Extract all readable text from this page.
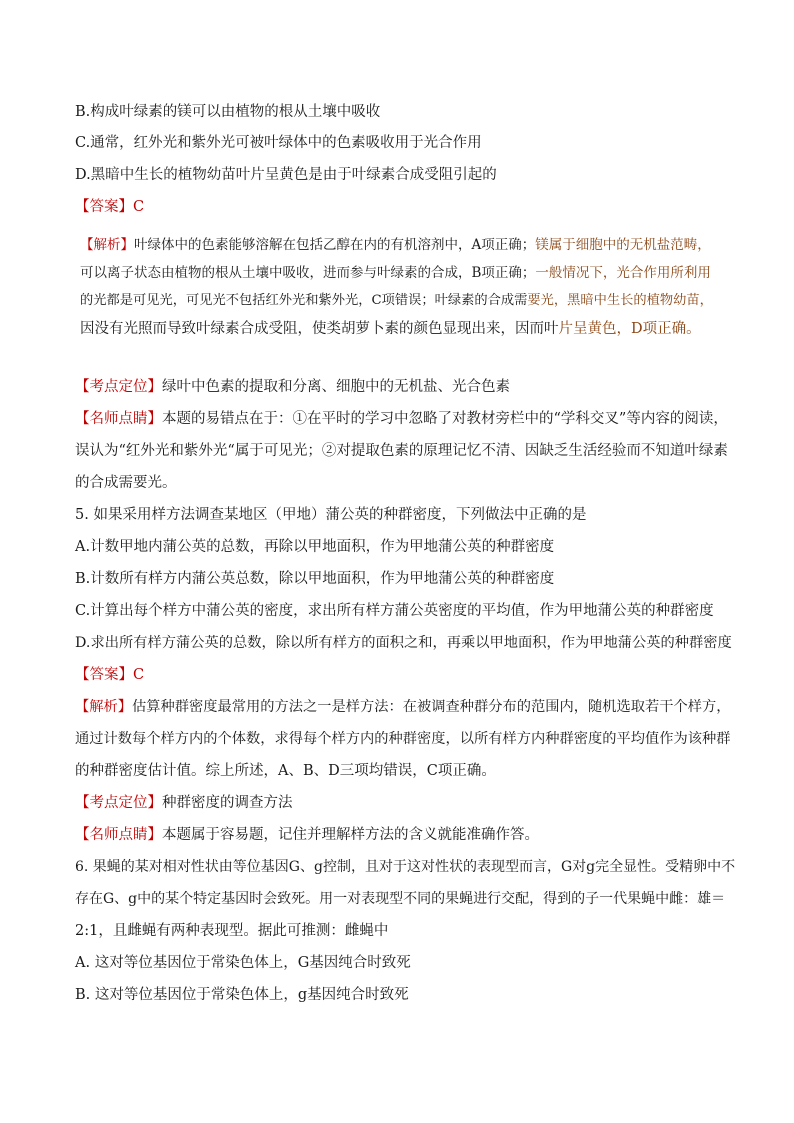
B.构成叶绿素的镁可以由植物的根从土壤中吸收
C.通常，红外光和紫外光可被叶绿体中的色素吸收用于光合作用
D.黑暗中生长的植物幼苗叶片呈黄色是由于叶绿素合成受阻引起的
【答案】C
【解析】叶绿体中的色素能够溶解在包括乙醇在内的有机溶剂中，A项正确；镁属于细胞中的无机盐范畴，
可以离子状态由植物的根从土壤中吸收，进而参与叶绿素的合成，B项正确；一般情况下，光合作用所利用
的光都是可见光，可见光不包括红外光和紫外光，C项错误；叶绿素的合成需要光，黑暗中生长的植物幼苗，
因没有光照而导致叶绿素合成受阻，使类胡萝卜素的颜色显现出来，因而叶片呈黄色，D项正确。
【考点定位】绿叶中色素的提取和分离、细胞中的无机盐、光合色素
【名师点睛】本题的易错点在于：①在平时的学习中忽略了对教材旁栏中的“学科交叉”等内容的阅读，
误认为“红外光和紫外光“属于可见光；②对提取色素的原理记忆不清、因缺乏生活经验而不知道叶绿素
的合成需要光。
5. 如果采用样方法调查某地区（甲地）蒲公英的种群密度，下列做法中正确的是
A.计数甲地内蒲公英的总数，再除以甲地面积，作为甲地蒲公英的种群密度
B.计数所有样方内蒲公英总数，除以甲地面积，作为甲地蒲公英的种群密度
C.计算出每个样方中蒲公英的密度，求出所有样方蒲公英密度的平均值，作为甲地蒲公英的种群密度
D.求出所有样方蒲公英的总数，除以所有样方的面积之和，再乘以甲地面积，作为甲地蒲公英的种群密度
【答案】C
【解析】估算种群密度最常用的方法之一是样方法：在被调查种群分布的范围内，随机选取若干个样方，
通过计数每个样方内的个体数，求得每个样方内的种群密度，以所有样方内种群密度的平均值作为该种群
的种群密度估计值。综上所述，A、B、D三项均错误，C项正确。
【考点定位】种群密度的调查方法
【名师点睛】本题属于容易题，记住并理解样方法的含义就能准确作答。
6. 果蝇的某对相对性状由等位基因G、g控制，且对于这对性状的表现型而言，G对g完全显性。受精卵中不
存在G、g中的某个特定基因时会致死。用一对表现型不同的果蝇进行交配，得到的子一代果蝇中雌：雄＝
2:1，且雌蝇有两种表现型。据此可推测：雌蝇中
A. 这对等位基因位于常染色体上，G基因纯合时致死
B. 这对等位基因位于常染色体上，g基因纯合时致死
